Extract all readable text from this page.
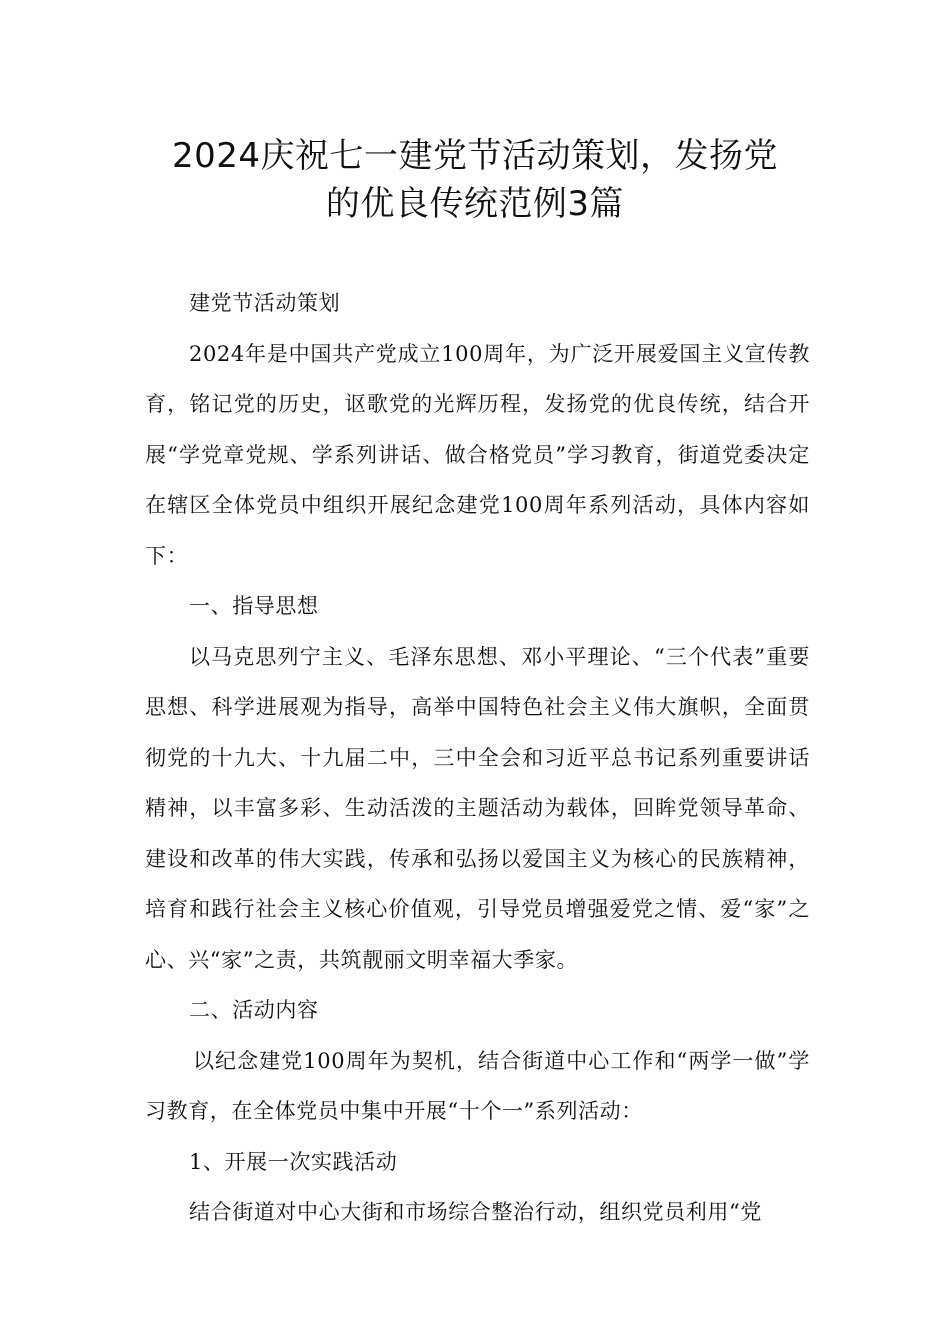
2024庆祝七一建党节活动策划，发扬党
的优良传统范例3篇

建党节活动策划

2024年是中国共产党成立100周年，为广泛开展爱国主义宣传教育，铭记党的历史，讴歌党的光辉历程，发扬党的优良传统，结合开展“学党章党规、学系列讲话、做合格党员”学习教育，街道党委决定在辖区全体党员中组织开展纪念建党100周年系列活动，具体内容如下：

一、指导思想

以马克思列宁主义、毛泽东思想、邓小平理论、“三个代表”重要思想、科学进展观为指导，高举中国特色社会主义伟大旗帜，全面贯彻党的十九大、十九届二中，三中全会和习近平总书记系列重要讲话精神，以丰富多彩、生动活泼的主题活动为载体，回眸党领导革命、建设和改革的伟大实践，传承和弘扬以爱国主义为核心的民族精神，培育和践行社会主义核心价值观，引导党员增强爱党之情、爱“家”之心、兴“家”之责，共筑靓丽文明幸福大季家。

二、活动内容

以纪念建党100周年为契机，结合街道中心工作和“两学一做”学习教育，在全体党员中集中开展“十个一”系列活动：

1、开展一次实践活动

结合街道对中心大街和市场综合整治行动，组织党员利用“党
